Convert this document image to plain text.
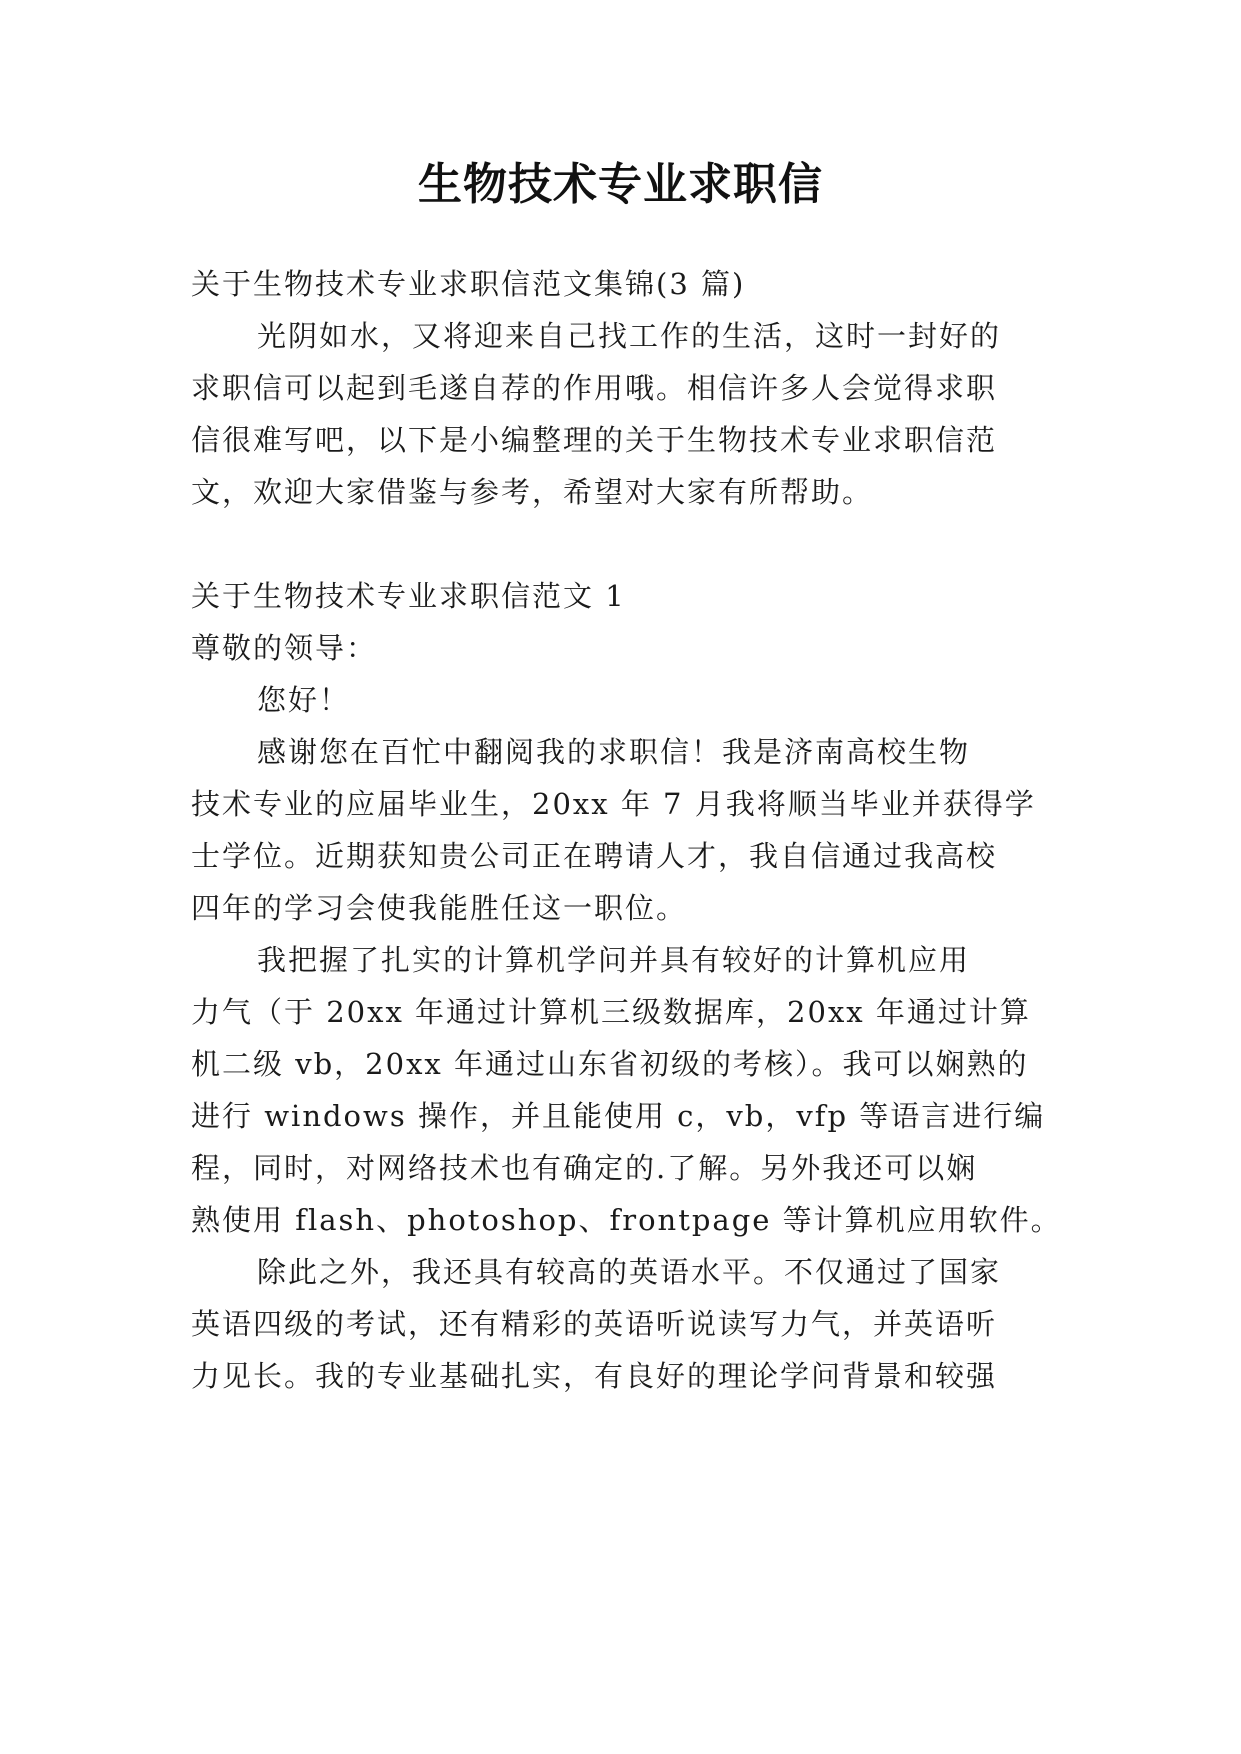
生物技术专业求职信
关于生物技术专业求职信范文集锦(3 篇)
光阴如水，又将迎来自己找工作的生活，这时一封好的
求职信可以起到毛遂自荐的作用哦。相信许多人会觉得求职
信很难写吧，以下是小编整理的关于生物技术专业求职信范
文，欢迎大家借鉴与参考，希望对大家有所帮助。
关于生物技术专业求职信范文 1
尊敬的领导：
您好！
感谢您在百忙中翻阅我的求职信！我是济南高校生物
技术专业的应届毕业生，20xx 年 7 月我将顺当毕业并获得学
士学位。近期获知贵公司正在聘请人才，我自信通过我高校
四年的学习会使我能胜任这一职位。
我把握了扎实的计算机学问并具有较好的计算机应用
力气（于 20xx 年通过计算机三级数据库，20xx 年通过计算
机二级 vb，20xx 年通过山东省初级的考核）。我可以娴熟的
进行 windows 操作，并且能使用 c，vb，vfp 等语言进行编
程，同时，对网络技术也有确定的.了解。另外我还可以娴
熟使用 flash、photoshop、frontpage 等计算机应用软件。
除此之外，我还具有较高的英语水平。不仅通过了国家
英语四级的考试，还有精彩的英语听说读写力气，并英语听
力见长。我的专业基础扎实，有良好的理论学问背景和较强
